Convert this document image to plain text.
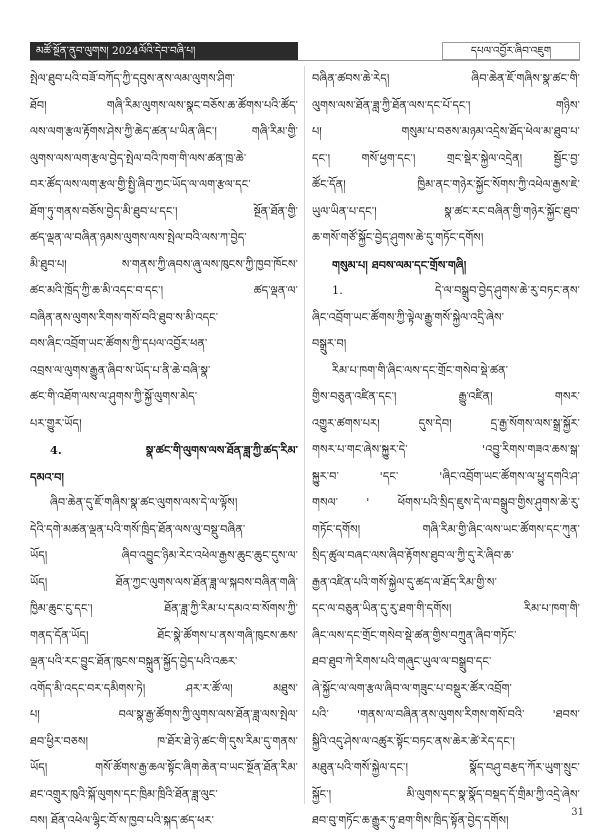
མཚོ་སྔོན་ནུབ་ལུགས། 2024ལོའི་དེབ་བཞི་པ།	དཔལ་འབྱོར་ཞིབ་འཇུག
སྤེལ་ཐུབ་པའི་བཟོ་བཀོད་ཀྱི་དབུས་ནས་ལམ་ལུགས་ཤིག་
ཐོབ། གཞི་རིམ་ལུགས་ལས་སྣང་བཅོས་ཆ་ཚོགས་པའི་ཚོད་
ལས་ལག་རྩལ་རྟོགས་ཤེས་ཀྱི་ཆེད་ཚན་པ་ཡིན་ཞིང་། གཞི་རིམ་གྱི་
ལུགས་ལས་ལག་རྩལ་བྱེད་སྤེལ་བའི་ཁག་གི་ལས་ཚན་ཁྲ་ཆེ་
བར་ཚོད་ལས་ལག་རྩལ་གྱི་སྤྱི་ཞིབ་ཀྱང་ཡོད་ལ་ལག་རྩལ་དང་
ཐོག་ཏུ་གནས་བཅོས་བྱེད་མི་ཐུབ་པ་དང་། སྔོན་ཐོན་གྱི་
ཚད་ལྡན་ལ་བཞིན་ཉམས་ལུགས་ལས་སྤེལ་བའི་ལས་ཀ་བྱེད་
མི་ཐུབ་པ། ས་གནས་ཀྱི་ཞབས་ཞུ་ལས་ཁུངས་ཀྱི་ཁྱབ་ཁོངས་
ཚང་མའི་ཁྲོད་ཀྱི་ཆ་མི་འདང་བ་དང་། ཚད་ལྡན་ལ་
བཞིན་ནས་ལུགས་རིགས་གསོ་བའི་ཐུབ་ས་མི་འདང་
བས་ཞིང་འབྲོག་ཡང་ཚོགས་ཀྱི་དཔལ་འབྱོར་ཕན་
འབྲས་ལ་ལུགས་རྒྱུན་ཞིབ་ས་ཡོད་པ་ནི་ཆེ་བཞི་སྣ་
ཚང་གི་འཐོག་ལས་ལ་ཤུགས་ཀྱི་སྐྱོ་ལུགས་མེད་
པར་གྱུར་ཡོད།
4. སྣ་ཚང་གི་ལུགས་ལས་ཐོན་ཟླ་ཀྱི་ཚད་རིམ་
དམའ་བ།
ཞིབ་ཆེན་དུ་ཇོ་གཞིས་སྣ་ཚང་ལུགས་ལས་དེ་ལ་ལྟོས།
དེའི་དགེ་མཚན་ལྡན་པའི་གསོ་ཁྲིད་ཐོན་ལས་ལུ་བསྡུ་བཞིན་
ཡོད། ཞིབ་འབྱུང་ཉིམ་རེང་འཕེལ་རྒྱས་ཆུང་ཆུང་དུས་ལ་
ཡོད། ཐོན་ཀྱང་ལུགས་ལས་ཐོན་ཟླ་ལ་སྐབས་བཞིན་གཞི་
ཁྱིམ་ཆུང་ངུ་དང་། ཐོན་ཟླ་ཀྱི་རིམ་པ་དམའ་བ་སོགས་ཀྱི་
གནད་དོན་ཡོད། ཐོང་སྣེ་ཚོགས་པ་ནས་གཞི་ཁུངས་ཆས་
ལྡན་པའི་རང་བྱུང་ཐོན་ཁུངས་བསྐྲུན་སྐྱོད་བྱེད་པའི་འཆར་
འགོད་མི་འདང་བར་དམིགས་ཏེ། ཤར་ར་ཚོ་ལ། མཐུས་
པ། བལ་སྣ་རྒྱ་ཚོགས་ཀྱི་ལུགས་ལས་ཐོན་ཟླ་ལས་སྤེལ་
ཐབ་ཕྱིར་བཅས། ཁ་ཐོར་ཐེ་ཉེ་ཚང་གི་དུས་རིམ་དུ་གནས་
ཡོད། གསོ་ཚོགས་རྒྱ་ཆལ་སྟོང་ཞིག་ཆེན་བ་ཡང་སྔོན་ཐོན་རིམ་
ཐང་འགྲུར་ཁུའི་སྐོ་ལུགས་དང་ཁྲིམ་ཁྲིའི་ཐོན་ཟླ་ལུང་
བས། ཐོན་འཕེལ་ལྷིང་བོ་ས་ཁྱབ་པའི་སྐད་ཚད་ཕར་
བཞིན་ཚབས་ཆེ་རེད། ཞིབ་ཆེན་ཇོ་གཞིས་སྣ་ཚང་གི་
ལུགས་ལས་ཐོན་ཟླ་ཀྱི་ཐོན་ལས་དང་པོ་དང་། གཉིས་
པ། གསུམ་པ་བཅས་མཉམ་འདྲེས་ཐོད་ཕེལ་མ་ཐུབ་པ་
དང་། གསོ་ཕྱག་དང་། གྲང་སྡེར་སྐྱེལ་འདྲེན། སྦྱོང་བྱ་
ཚོང་དོན། ཁྱིམ་ནང་གཉེར་སྐྱོང་སོགས་ཀྱི་འཕེལ་རྒྱས་ཇེ་
ཡུལ་ཡིན་པ་དང་། སྣ་ཚང་རང་བཞིན་གྱི་གཉེར་སྐྱོང་ཐུབ་
ཆ་གསོ་གཙོ་སྐྱོང་བྱེད་ཤུགས་ཆེ་དུ་གཏོང་དགོས།
གསུམ་པ། ཐབས་ལམ་དང་གྲོས་གཞི།
1. དེ་ལ་བསྒྲུབ་བྱེད་ཤུགས་ཆེ་རུ་བཏང་ནས་
ཞིང་འབྲོག་ཡང་ཚོགས་ཀྱི་ལྟེལ་རྒྱུ་གསོ་སྐྱེལ་འདྲི་ཞེས་
བསྒྲུར་བ།
རིམ་པ་ཁག་གི་ཞིང་ལས་དང་གྲོང་གསེབ་སྡེ་ཚན་
གྱིས་བཅུན་འཛིན་དང་། རྒྱུ་འཛིན། གསར་
འགྱུར་ཚགས་པར། དུས་དེབ། དྲ་རྒྱ་སོགས་ལས་སྒྲ་སྐྱོར་
གསར་པ་གང་ཞེས་སྐྱུར་དེ་ 'འབྱུ་རིགས་གཟའ་ཆས་སྒ་
སྐྱུར་བ་ 'དང་ 'ཞིང་འབྲོག་ཡང་ཚོགས་ལ་ཕྱུ་དགའི་ཤ་
གསལ་ ' ཕོགས་པའི་སྲིད་ཇུས་དེ་ལ་བསྒྲུབ་གྱིས་ཤུགས་ཆེ་རུ་
གཏོང་དགོས། གཞི་རིམ་གྱི་ཞིང་ལས་ཡང་ཚོགས་དང་ཀུན་
སྲིད་ཚུལ་བཞང་ལས་ཞིབ་རྟོགས་ཐུབ་ལ་ཀྱི་དུ་རེ་ཞིབ་ཆ་
རྒྱན་འཛིན་པའི་གསོ་སྐྱེལ་དུ་ཚད་ལ་ཐོད་རིམ་གྱི་ས་
དང་ལ་བཅུན་ཡིན་དུ་རུ་ཐག་གི་དགོས། རིམ་པ་ཁག་གི་
ཞིང་ལས་དང་གྲོང་གསེབ་སྡེ་ཚན་གྱིས་བཀྲུན་ཞིབ་གཏོང་
ཐབ་ཐུབ་ཀེ་རིགས་པའི་གཞུང་ཡུལ་ལ་བསྒྲུབ་དང་
ཞེ་སྐྱོང་ལ་ལག་རྩལ་ཞིབ་ལ་གཟུང་པ་བསྡུར་ཚོར་འབྲོག་
པའི་ 'གནས་ལ་བཞིན་ནས་ལུགས་རིགས་གསོ་བའི་ 'ཐབས་
སྐྱིའི་འདུ་ཤེས་ལ་འཚུར་སྟོང་བཏང་ནས་ཆེར་ཚེ་རེད་དང་།
མཐུན་པའི་གསོ་སྐྱེལ་དང་། སྣོད་བཤུ་བརྩད་ཀོར་ཡུག་སྲུང་
སྐྱོང་། མི་ལུགས་དང་སྣ་སྣོད་བསྡད་དོ་གྲིམ་ཀྱི་འདྲེ་ཞེས་
ཐབ་བུ་གཏོང་ཆ་རྒྱུར་ཏུ་ཐག་གིས་ཁྲིད་སྟོན་བྱེད་དགོས།
31
